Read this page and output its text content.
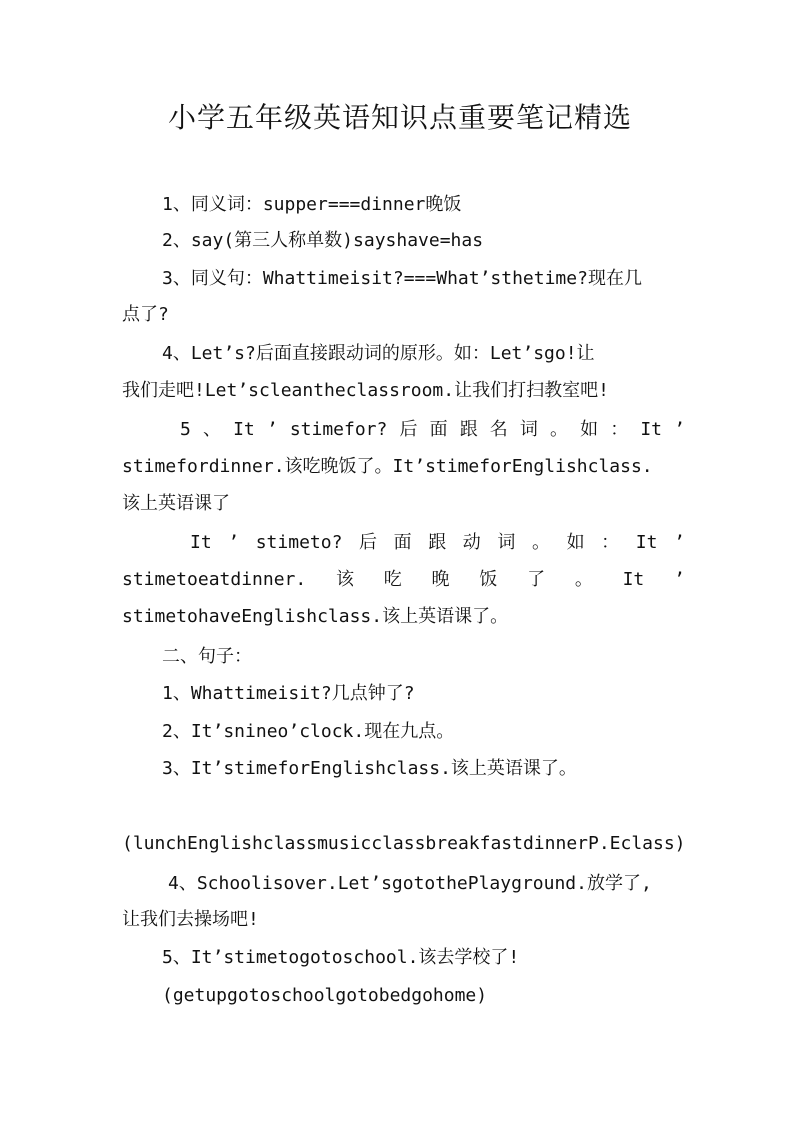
小学五年级英语知识点重要笔记精选
1、同义词：supper===dinner晚饭
2、say(第三人称单数)sayshave=has
3、同义句：Whattimeisit?===What’sthetime?现在几
点了?
4、Let’s?后面直接跟动词的原形。如：Let’sgo!让
我们走吧!Let’scleantheclassroom.让我们打扫教室吧!
5 、 It ’ stimefor? 后 面 跟 名 词 。 如 ： It ’
stimefordinner.该吃晚饭了。It’stimeforEnglishclass.
该上英语课了
It ’ stimeto? 后 面 跟 动 词 。 如 ： It ’
stimetoeatdinner. 该 吃 晚 饭 了 。 It ’
stimetohaveEnglishclass.该上英语课了。
二、句子：
1、Whattimeisit?几点钟了?
2、It’snineo’clock.现在九点。
3、It’stimeforEnglishclass.该上英语课了。
(lunchEnglishclassmusicclassbreakfastdinnerP.Eclass)
4、Schoolisover.Let’sgotothePlayground.放学了,
让我们去操场吧!
5、It’stimetogotoschool.该去学校了!
(getupgotoschoolgotobedgohome)
